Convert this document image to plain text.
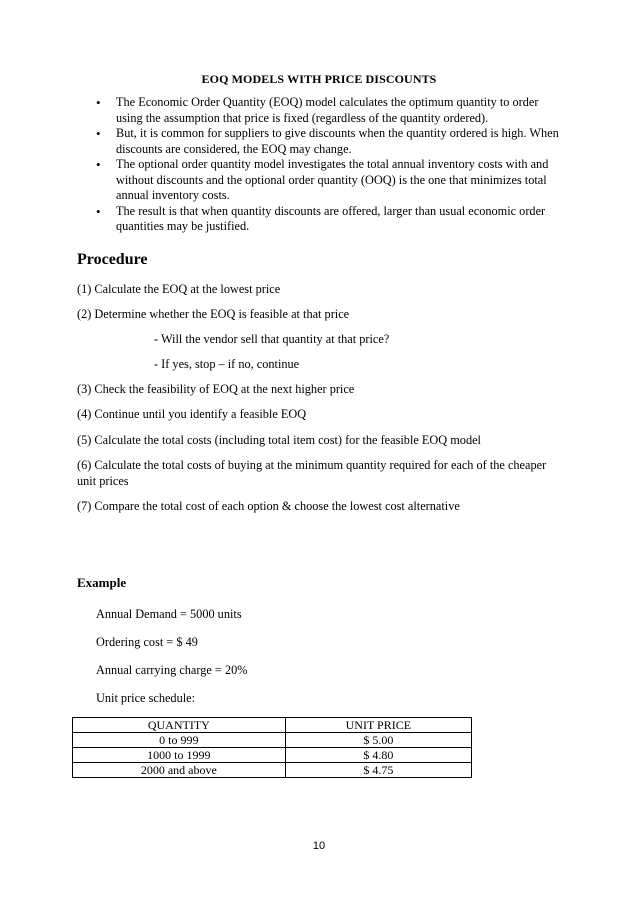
EOQ MODELS WITH PRICE DISCOUNTS
• The Economic Order Quantity (EOQ) model calculates the optimum quantity to order using the assumption that price is fixed (regardless of the quantity ordered).
• But, it is common for suppliers to give discounts when the quantity ordered is high. When discounts are considered, the EOQ may change.
• The optional order quantity model investigates the total annual inventory costs with and without discounts and the optional order quantity (OOQ) is the one that minimizes total annual inventory costs.
• The result is that when quantity discounts are offered, larger than usual economic order quantities may be justified.
Procedure
(1) Calculate the EOQ at the lowest price
(2) Determine whether the EOQ is feasible at that price
- Will the vendor sell that quantity at that price?
- If yes, stop – if no, continue
(3) Check the feasibility of EOQ at the next higher price
(4) Continue until you identify a feasible EOQ
(5) Calculate the total costs (including total item cost) for the feasible EOQ model
(6) Calculate the total costs of buying at the minimum quantity required for each of the cheaper unit prices
(7) Compare the total cost of each option & choose the lowest cost alternative
Example
Annual Demand = 5000 units
Ordering cost = $ 49
Annual carrying charge = 20%
Unit price schedule:
QUANTITY	UNIT PRICE
0 to 999	$ 5.00
1000 to 1999	$ 4.80
2000 and above	$ 4.75
10
